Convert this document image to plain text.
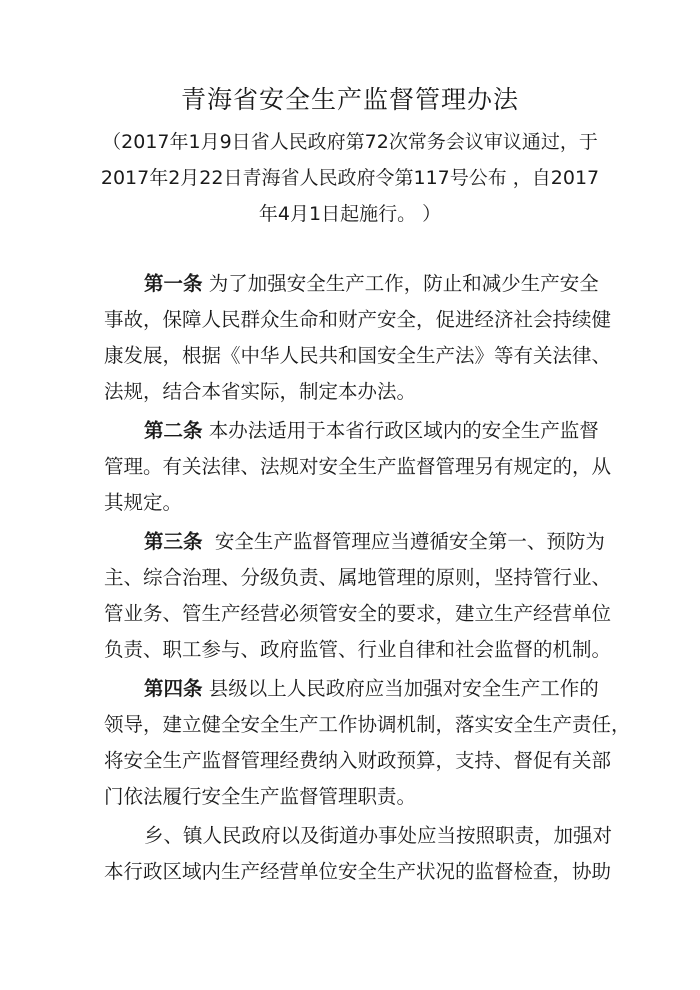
青海省安全生产监督管理办法
（2017年1月9日省人民政府第72次常务会议审议通过，于
2017年2月22日青海省人民政府令第117号公布 ，自2017
年4月1日起施行。 ）
第一条 为了加强安全生产工作，防止和减少生产安全
事故，保障人民群众生命和财产安全，促进经济社会持续健
康发展，根据《中华人民共和国安全生产法》等有关法律、
法规，结合本省实际，制定本办法。
第二条 本办法适用于本省行政区域内的安全生产监督
管理。有关法律、法规对安全生产监督管理另有规定的，从
其规定。
第三条  安全生产监督管理应当遵循安全第一、预防为
主、综合治理、分级负责、属地管理的原则，坚持管行业、
管业务、管生产经营必须管安全的要求，建立生产经营单位
负责、职工参与、政府监管、行业自律和社会监督的机制。
第四条 县级以上人民政府应当加强对安全生产工作的
领导，建立健全安全生产工作协调机制，落实安全生产责任，
将安全生产监督管理经费纳入财政预算，支持、督促有关部
门依法履行安全生产监督管理职责。
乡、镇人民政府以及街道办事处应当按照职责，加强对
本行政区域内生产经营单位安全生产状况的监督检查，协助
